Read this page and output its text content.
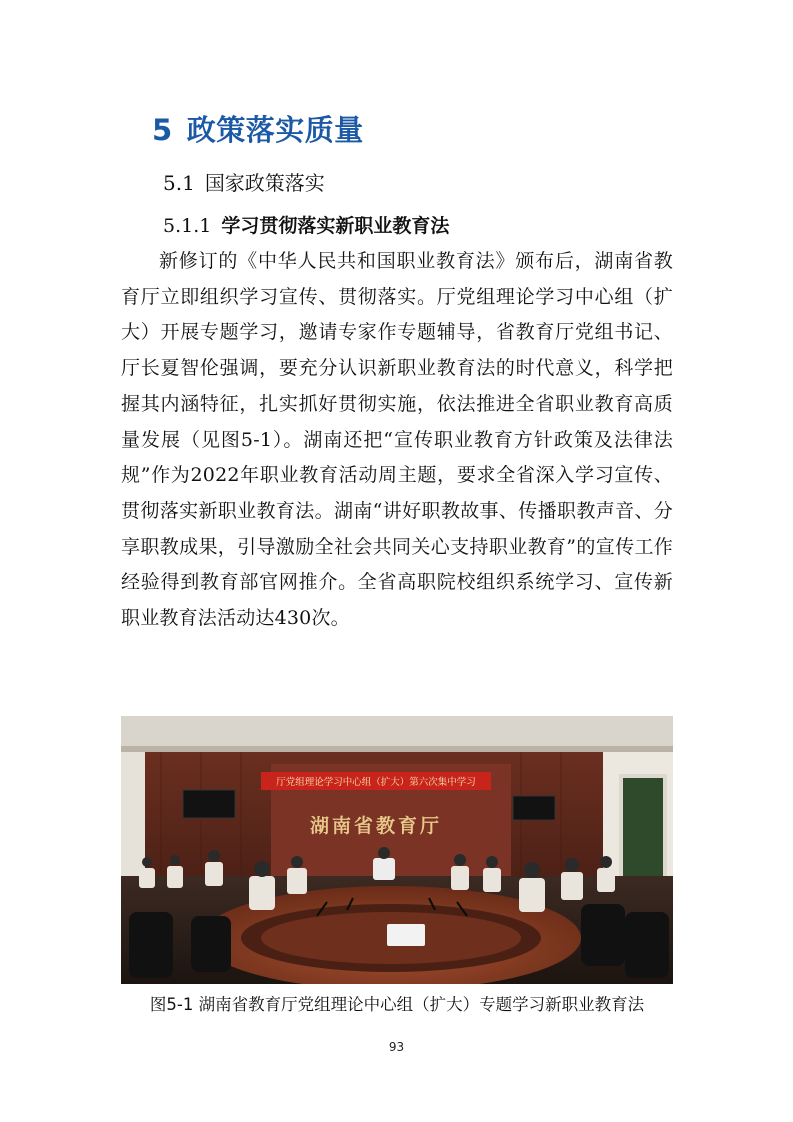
5 政策落实质量
5.1 国家政策落实
5.1.1 学习贯彻落实新职业教育法

新修订的《中华人民共和国职业教育法》颁布后，湖南省教育厅立即组织学习宣传、贯彻落实。厅党组理论学习中心组（扩大）开展专题学习，邀请专家作专题辅导，省教育厅党组书记、厅长夏智伦强调，要充分认识新职业教育法的时代意义，科学把握其内涵特征，扎实抓好贯彻实施，依法推进全省职业教育高质量发展（见图5-1）。湖南还把“宣传职业教育方针政策及法律法规”作为2022年职业教育活动周主题，要求全省深入学习宣传、贯彻落实新职业教育法。湖南“讲好职教故事、传播职教声音、分享职教成果，引导激励全社会共同关心支持职业教育”的宣传工作经验得到教育部官网推介。全省高职院校组织系统学习、宣传新职业教育法活动达430次。

厅党组理论学习中心组（扩大）第六次集中学习
湖南省教育厅

图5-1 湖南省教育厅党组理论中心组（扩大）专题学习新职业教育法

93
